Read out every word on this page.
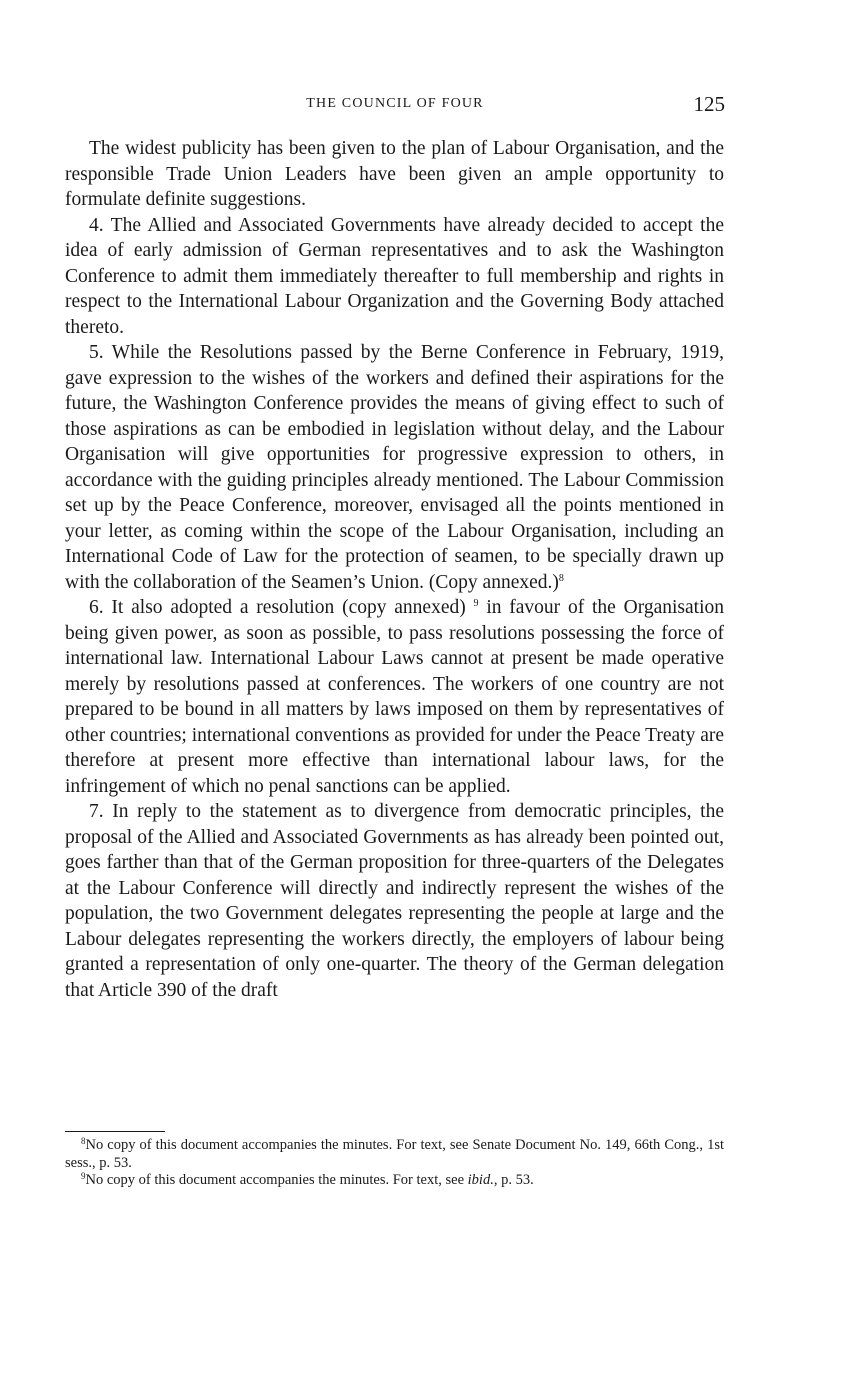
THE COUNCIL OF FOUR	125

The widest publicity has been given to the plan of Labour Organisation, and the responsible Trade Union Leaders have been given an ample opportunity to formulate definite suggestions.

4. The Allied and Associated Governments have already decided to accept the idea of early admission of German representatives and to ask the Washington Conference to admit them immediately thereafter to full membership and rights in respect to the International Labour Organization and the Governing Body attached thereto.

5. While the Resolutions passed by the Berne Conference in February, 1919, gave expression to the wishes of the workers and defined their aspirations for the future, the Washington Conference provides the means of giving effect to such of those aspirations as can be embodied in legislation without delay, and the Labour Organisation will give opportunities for progressive expression to others, in accordance with the guiding principles already mentioned. The Labour Commission set up by the Peace Conference, moreover, envisaged all the points mentioned in your letter, as coming within the scope of the Labour Organisation, including an International Code of Law for the protection of seamen, to be specially drawn up with the collaboration of the Seamen’s Union. (Copy annexed.)$^8$

6. It also adopted a resolution (copy annexed) $^9$ in favour of the Organisation being given power, as soon as possible, to pass resolutions possessing the force of international law. International Labour Laws cannot at present be made operative merely by resolutions passed at conferences. The workers of one country are not prepared to be bound in all matters by laws imposed on them by representatives of other countries; international conventions as provided for under the Peace Treaty are therefore at present more effective than international labour laws, for the infringement of which no penal sanctions can be applied.

7. In reply to the statement as to divergence from democratic principles, the proposal of the Allied and Associated Governments as has already been pointed out, goes farther than that of the German proposition for three-quarters of the Delegates at the Labour Conference will directly and indirectly represent the wishes of the population, the two Government delegates representing the people at large and the Labour delegates representing the workers directly, the employers of labour being granted a representation of only one-quarter. The theory of the German delegation that Article 390 of the draft

$^8$No copy of this document accompanies the minutes. For text, see Senate Document No. 149, 66th Cong., 1st sess., p. 53.

$^9$No copy of this document accompanies the minutes. For text, see ibid., p. 53.
